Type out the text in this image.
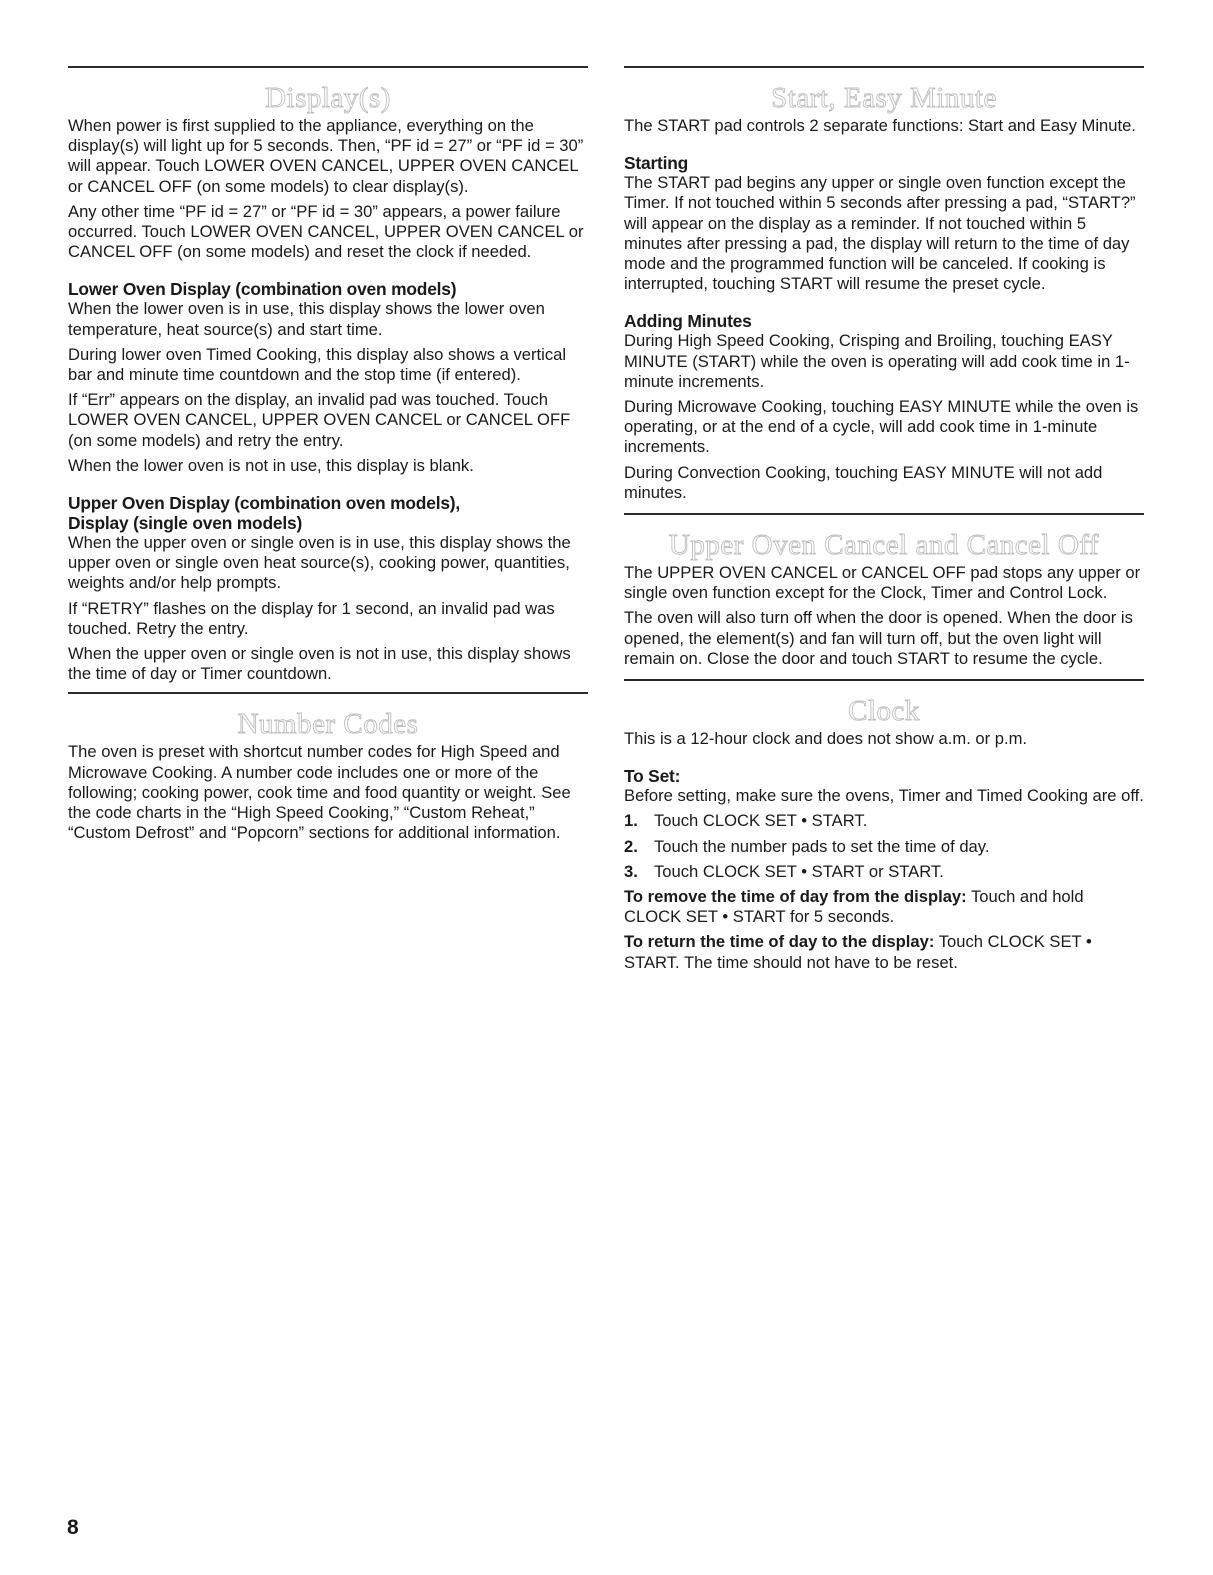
Display(s)

When power is first supplied to the appliance, everything on the display(s) will light up for 5 seconds. Then, “PF id = 27” or “PF id = 30” will appear. Touch LOWER OVEN CANCEL, UPPER OVEN CANCEL or CANCEL OFF (on some models) to clear display(s).

Any other time “PF id = 27” or “PF id = 30” appears, a power failure occurred. Touch LOWER OVEN CANCEL, UPPER OVEN CANCEL or CANCEL OFF (on some models) and reset the clock if needed.

Lower Oven Display (combination oven models)

When the lower oven is in use, this display shows the lower oven temperature, heat source(s) and start time.

During lower oven Timed Cooking, this display also shows a vertical bar and minute time countdown and the stop time (if entered).

If “Err” appears on the display, an invalid pad was touched. Touch LOWER OVEN CANCEL, UPPER OVEN CANCEL or CANCEL OFF (on some models) and retry the entry.

When the lower oven is not in use, this display is blank.

Upper Oven Display (combination oven models),
Display (single oven models)

When the upper oven or single oven is in use, this display shows the upper oven or single oven heat source(s), cooking power, quantities, weights and/or help prompts.

If “RETRY” flashes on the display for 1 second, an invalid pad was touched. Retry the entry.

When the upper oven or single oven is not in use, this display shows the time of day or Timer countdown.

Number Codes

The oven is preset with shortcut number codes for High Speed and Microwave Cooking. A number code includes one or more of the following; cooking power, cook time and food quantity or weight. See the code charts in the “High Speed Cooking,” “Custom Reheat,” “Custom Defrost” and “Popcorn” sections for additional information.

Start, Easy Minute

The START pad controls 2 separate functions: Start and Easy Minute.

Starting

The START pad begins any upper or single oven function except the Timer. If not touched within 5 seconds after pressing a pad, “START?” will appear on the display as a reminder. If not touched within 5 minutes after pressing a pad, the display will return to the time of day mode and the programmed function will be canceled. If cooking is interrupted, touching START will resume the preset cycle.

Adding Minutes

During High Speed Cooking, Crisping and Broiling, touching EASY MINUTE (START) while the oven is operating will add cook time in 1-minute increments.

During Microwave Cooking, touching EASY MINUTE while the oven is operating, or at the end of a cycle, will add cook time in 1-minute increments.

During Convection Cooking, touching EASY MINUTE will not add minutes.

Upper Oven Cancel and Cancel Off

The UPPER OVEN CANCEL or CANCEL OFF pad stops any upper or single oven function except for the Clock, Timer and Control Lock.

The oven will also turn off when the door is opened. When the door is opened, the element(s) and fan will turn off, but the oven light will remain on. Close the door and touch START to resume the cycle.

Clock

This is a 12-hour clock and does not show a.m. or p.m.

To Set:

Before setting, make sure the ovens, Timer and Timed Cooking are off.

1. Touch CLOCK SET • START.
2. Touch the number pads to set the time of day.
3. Touch CLOCK SET • START or START.

To remove the time of day from the display: Touch and hold CLOCK SET • START for 5 seconds.

To return the time of day to the display: Touch CLOCK SET • START. The time should not have to be reset.

8
